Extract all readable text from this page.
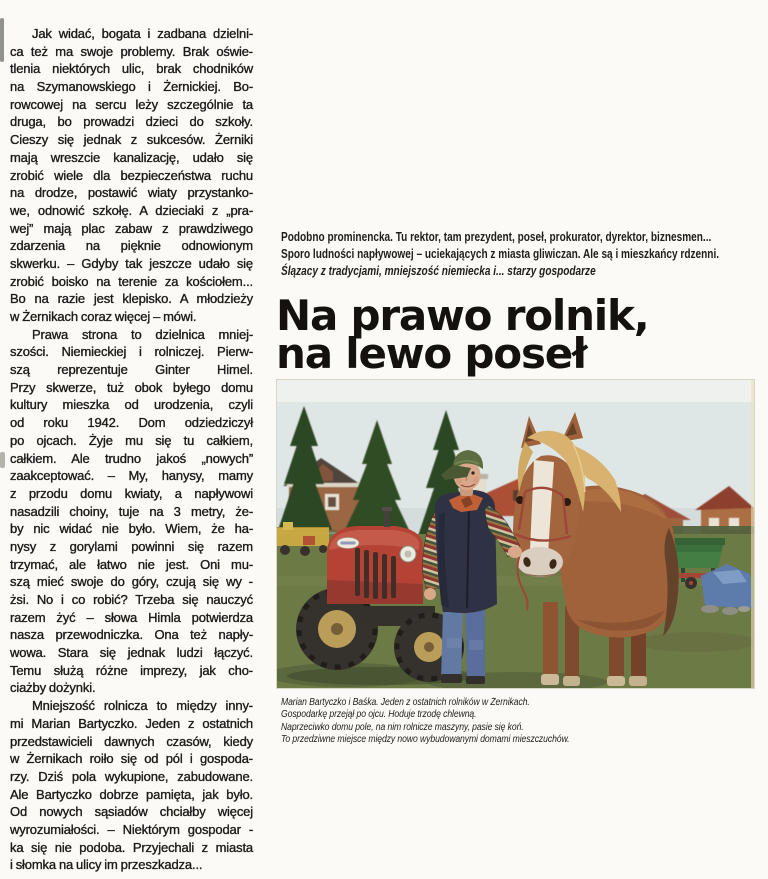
Jak widać, bogata i zadbana dzielni-
ca też ma swoje problemy. Brak oświe-
tlenia niektórych ulic, brak chodników
na Szymanowskiego i Żernickiej. Bo-
rowcowej na sercu leży szczególnie ta
druga, bo prowadzi dzieci do szkoły.
Cieszy się jednak z sukcesów. Żerniki
mają wreszcie kanalizację, udało się
zrobić wiele dla bezpieczeństwa ruchu
na drodze, postawić wiaty przystanko-
we, odnowić szkołę. A dzieciaki z „pra-
wej” mają plac zabaw z prawdziwego
zdarzenia na pięknie odnowionym
skwerku. – Gdyby tak jeszcze udało się
zrobić boisko na terenie za kościołem...
Bo na razie jest klepisko. A młodzieży
w Żernikach coraz więcej – mówi.
Prawa strona to dzielnica mniej-
szości. Niemieckiej i rolniczej. Pierw-
szą reprezentuje Ginter Himel.
Przy skwerze, tuż obok byłego domu
kultury mieszka od urodzenia, czyli
od roku 1942. Dom odziedziczył
po ojcach. Żyje mu się tu całkiem,
całkiem. Ale trudno jakoś „nowych”
zaakceptować. – My, hanysy, mamy
z przodu domu kwiaty, a napływowi
nasadzili choiny, tuje na 3 metry, że-
by nic widać nie było. Wiem, że ha-
nysy z gorylami powinni się razem
trzymać, ale łatwo nie jest. Oni mu-
szą mieć swoje do góry, czują się wy -
żsi. No i co robić? Trzeba się nauczyć
razem żyć – słowa Himla potwierdza
nasza przewodniczka. Ona też napły-
wowa. Stara się jednak ludzi łączyć.
Temu służą różne imprezy, jak cho-
ciażby dożynki.
Mniejszość rolnicza to między inny-
mi Marian Bartyczko. Jeden z ostatnich
przedstawicieli dawnych czasów, kiedy
w Żernikach roiło się od pól i gospoda-
rzy. Dziś pola wykupione, zabudowane.
Ale Bartyczko dobrze pamięta, jak było.
Od nowych sąsiadów chciałby więcej
wyrozumiałości. – Niektórym gospodar -
ka się nie podoba. Przyjechali z miasta
i słomka na ulicy im przeszkadza...
Podobno prominencka. Tu rektor, tam prezydent, poseł, prokurator, dyrektor, biznesmen...
Sporo ludności napływowej – uciekających z miasta gliwiczan. Ale są i mieszkańcy rdzenni.
Ślązacy z tradycjami, mniejszość niemiecka i... starzy gospodarze
Na prawo rolnik,
na lewo poseł
Marian Bartyczko i Baśka. Jeden z ostatnich rolników w Żernikach.
Gospodarkę przejął po ojcu. Hoduje trzodę chlewną.
Naprzeciwko domu pole, na nim rolnicze maszyny, pasie się koń.
To przedziwne miejsce między nowo wybudowanymi domami mieszczuchów.
